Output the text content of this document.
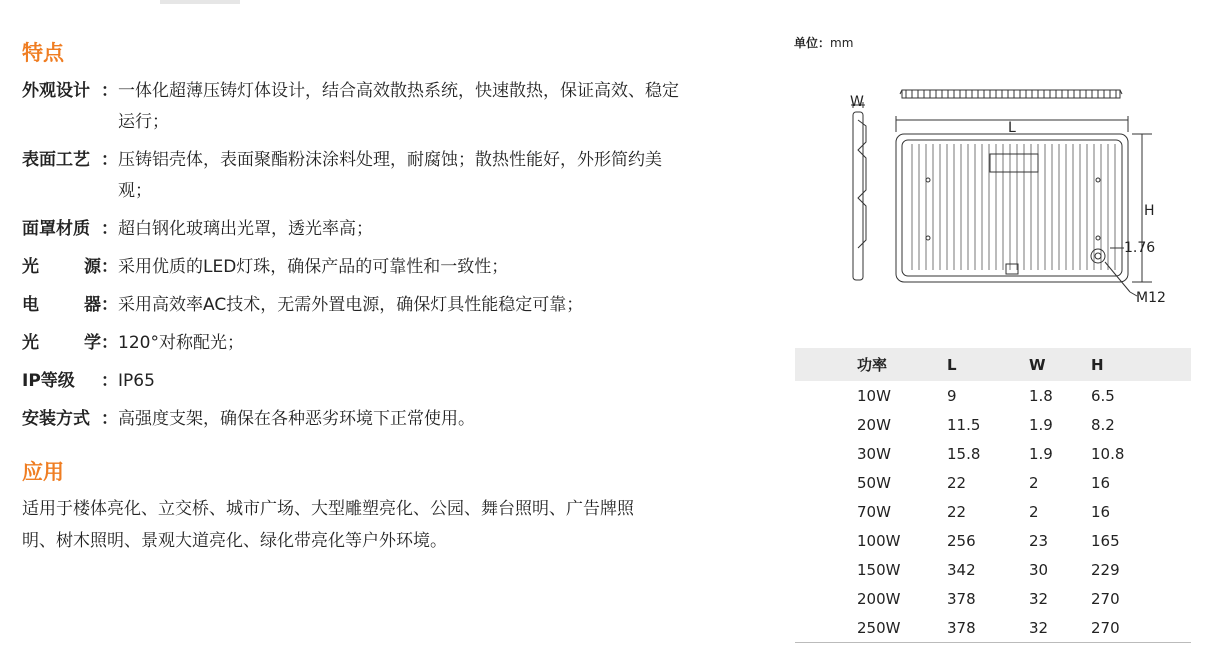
特点
外观设计 ： 一体化超薄压铸灯体设计，结合高效散热系统，快速散热，保证高效、稳定运行；
表面工艺 ： 压铸铝壳体，表面聚酯粉沫涂料处理，耐腐蚀；散热性能好，外形简约美观；
面罩材质 ： 超白钢化玻璃出光罩，透光率高；
光	源 ： 采用优质的LED灯珠，确保产品的可靠性和一致性；
电	器 ： 采用高效率AC技术，无需外置电源，确保灯具性能稳定可靠；
光	学 ： 120°对称配光；
IP等级	： IP65
安装方式 ： 高强度支架，确保在各种恶劣环境下正常使用。
应用
适用于楼体亮化、立交桥、城市广场、大型雕塑亮化、公园、舞台照明、广告牌照明、树木照明、景观大道亮化、绿化带亮化等户外环境。
单位：mm
W
L
H
1.76
M12
功率	L	W	H
10W	9	1.8	6.5
20W	11.5	1.9	8.2
30W	15.8	1.9	10.8
50W	22	2	16
70W	22	2	16
100W	256	23	165
150W	342	30	229
200W	378	32	270
250W	378	32	270
